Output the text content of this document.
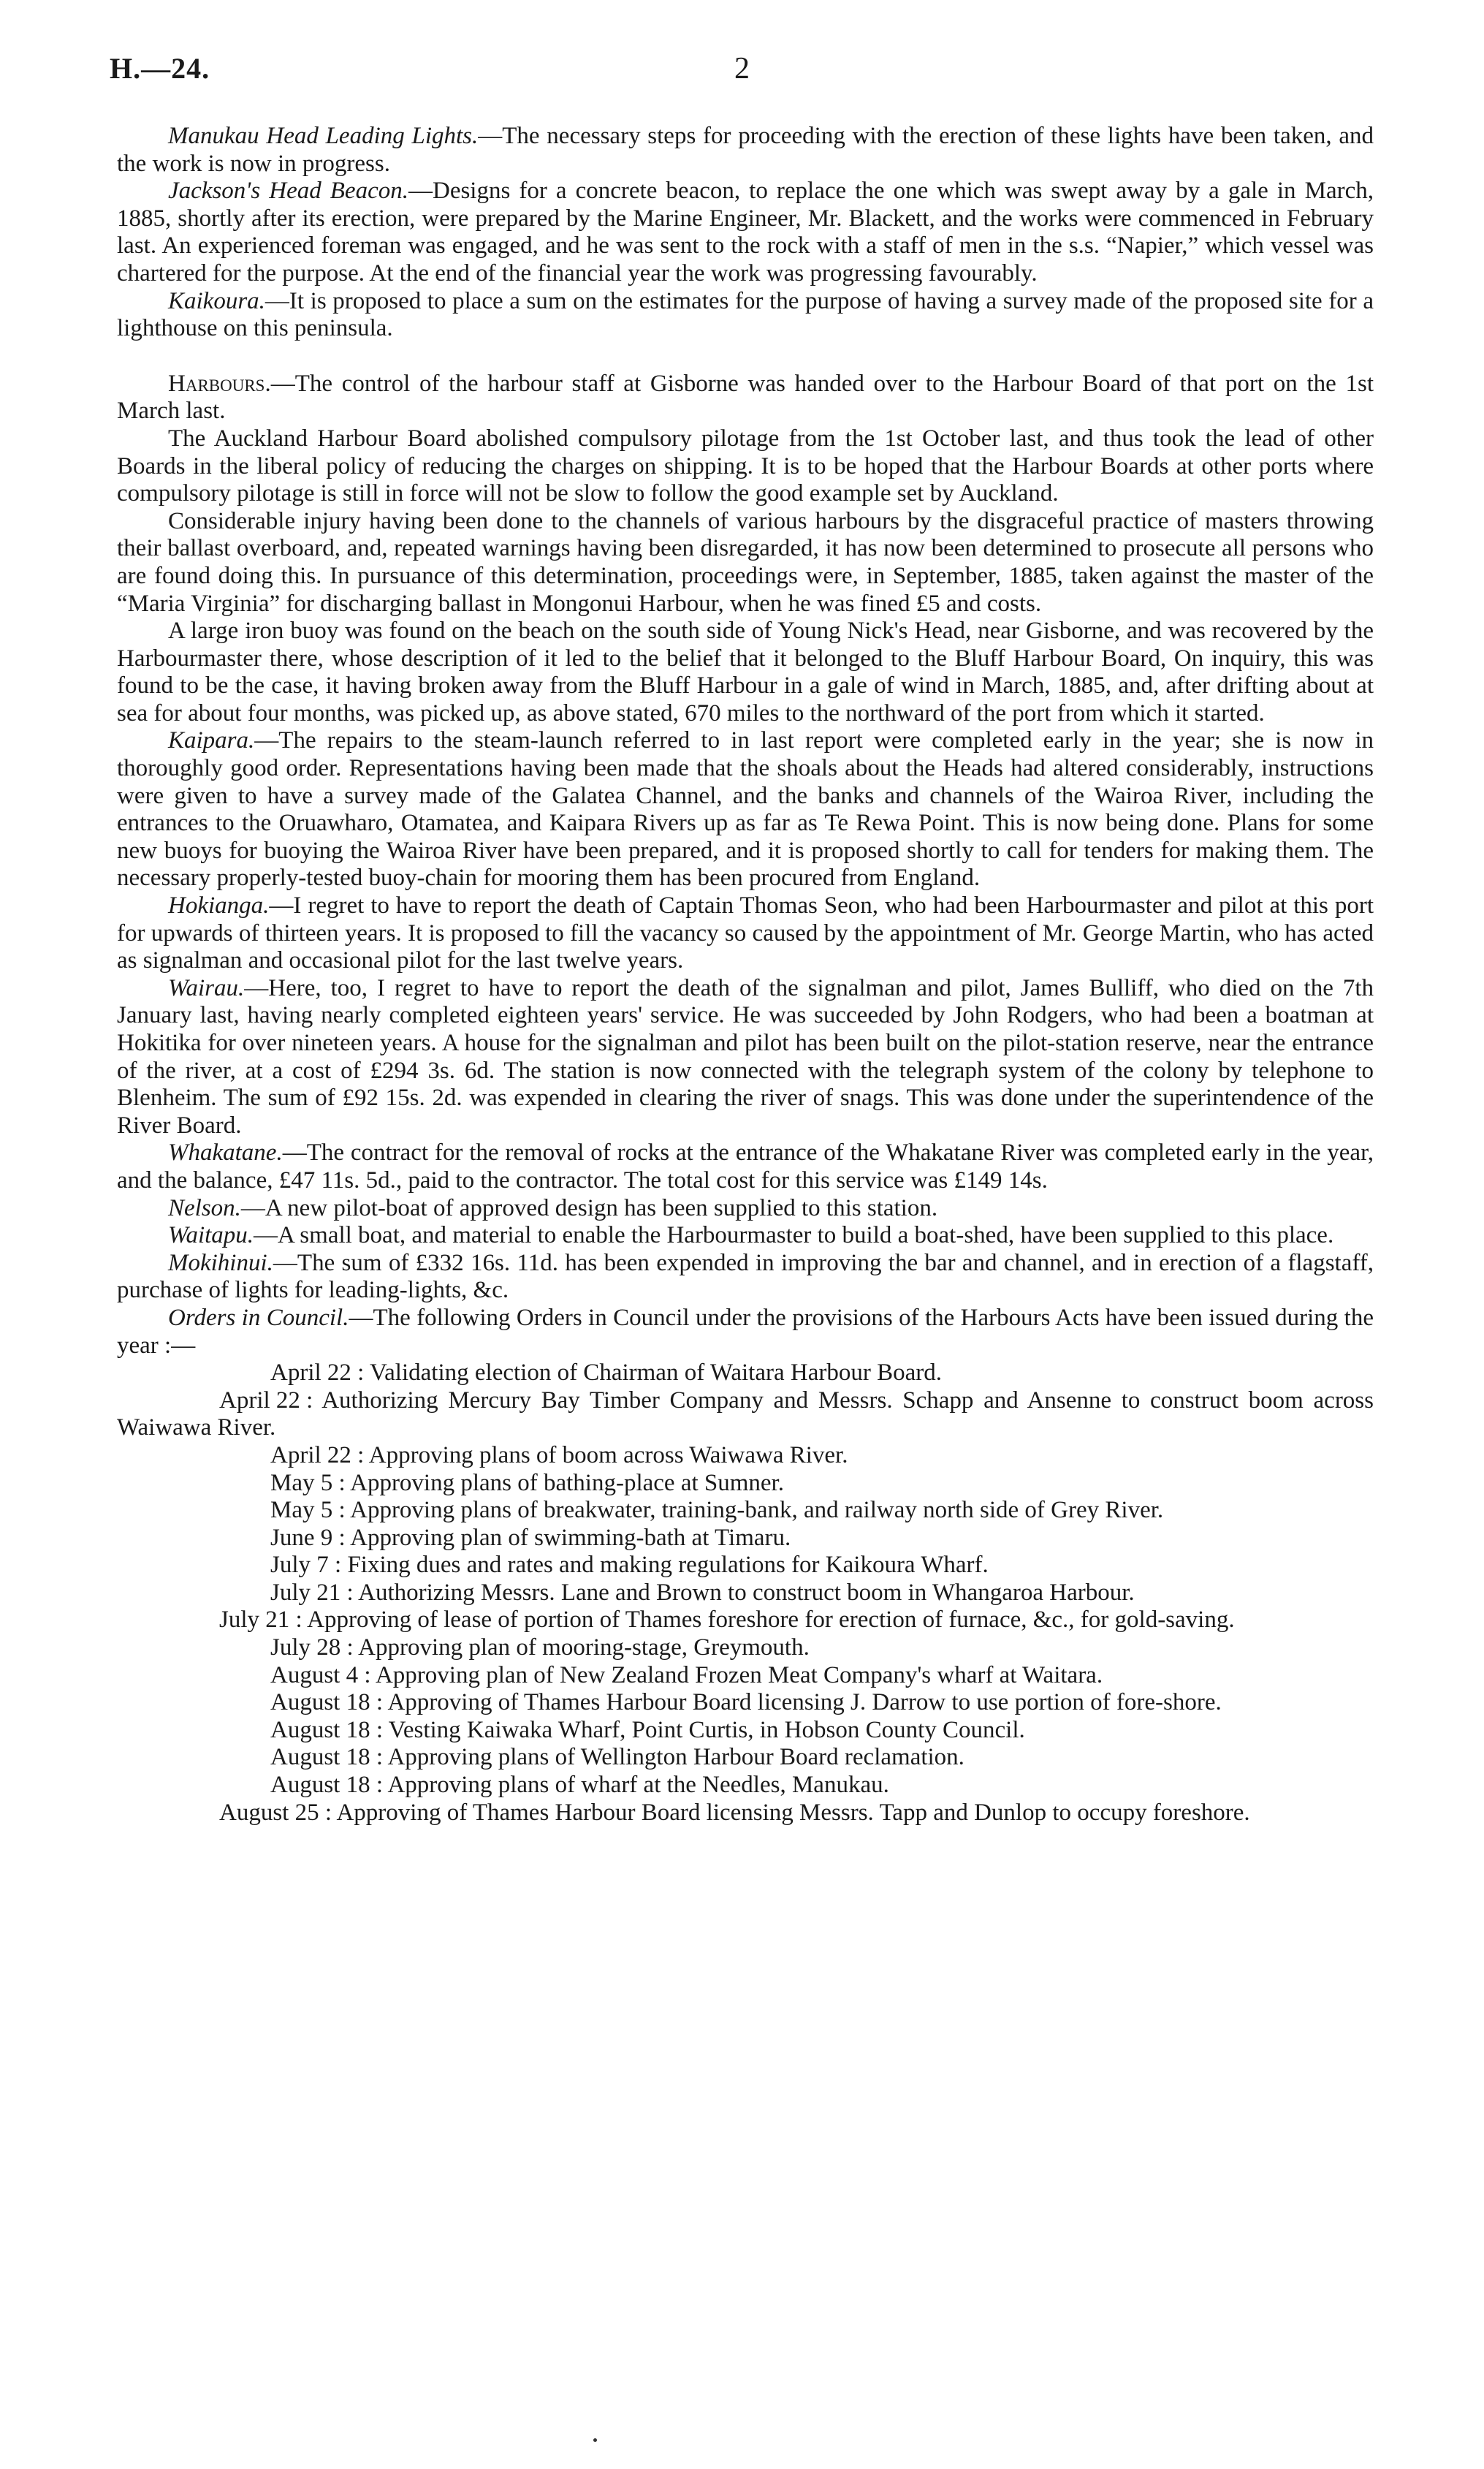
H.—24.	2

Manukau Head Leading Lights.—The necessary steps for proceeding with the erection of these lights have been taken, and the work is now in progress.

Jackson's Head Beacon.—Designs for a concrete beacon, to replace the one which was swept away by a gale in March, 1885, shortly after its erection, were prepared by the Marine Engineer, Mr. Blackett, and the works were commenced in February last. An experienced foreman was engaged, and he was sent to the rock with a staff of men in the s.s. “Napier,” which vessel was chartered for the purpose. At the end of the financial year the work was progressing favourably.

Kaikoura.—It is proposed to place a sum on the estimates for the purpose of having a survey made of the proposed site for a lighthouse on this peninsula.

Harbours.—The control of the harbour staff at Gisborne was handed over to the Harbour Board of that port on the 1st March last.

The Auckland Harbour Board abolished compulsory pilotage from the 1st October last, and thus took the lead of other Boards in the liberal policy of reducing the charges on shipping. It is to be hoped that the Harbour Boards at other ports where compulsory pilotage is still in force will not be slow to follow the good example set by Auckland.

Considerable injury having been done to the channels of various harbours by the disgraceful practice of masters throwing their ballast overboard, and, repeated warnings having been disregarded, it has now been determined to prosecute all persons who are found doing this. In pursuance of this determination, proceedings were, in September, 1885, taken against the master of the “Maria Virginia” for discharging ballast in Mongonui Harbour, when he was fined £5 and costs.

A large iron buoy was found on the beach on the south side of Young Nick's Head, near Gisborne, and was recovered by the Harbourmaster there, whose description of it led to the belief that it belonged to the Bluff Harbour Board, On inquiry, this was found to be the case, it having broken away from the Bluff Harbour in a gale of wind in March, 1885, and, after drifting about at sea for about four months, was picked up, as above stated, 670 miles to the northward of the port from which it started.

Kaipara.—The repairs to the steam-launch referred to in last report were completed early in the year; she is now in thoroughly good order. Representations having been made that the shoals about the Heads had altered considerably, instructions were given to have a survey made of the Galatea Channel, and the banks and channels of the Wairoa River, including the entrances to the Oruawharo, Otamatea, and Kaipara Rivers up as far as Te Rewa Point. This is now being done. Plans for some new buoys for buoying the Wairoa River have been prepared, and it is proposed shortly to call for tenders for making them. The necessary properly-tested buoy-chain for mooring them has been procured from England.

Hokianga.—I regret to have to report the death of Captain Thomas Seon, who had been Harbourmaster and pilot at this port for upwards of thirteen years. It is proposed to fill the vacancy so caused by the appointment of Mr. George Martin, who has acted as signalman and occasional pilot for the last twelve years.

Wairau.—Here, too, I regret to have to report the death of the signalman and pilot, James Bulliff, who died on the 7th January last, having nearly completed eighteen years' service. He was succeeded by John Rodgers, who had been a boatman at Hokitika for over nineteen years. A house for the signalman and pilot has been built on the pilot-station reserve, near the entrance of the river, at a cost of £294 3s. 6d. The station is now connected with the telegraph system of the colony by telephone to Blenheim. The sum of £92 15s. 2d. was expended in clearing the river of snags. This was done under the superintendence of the River Board.

Whakatane.—The contract for the removal of rocks at the entrance of the Whakatane River was completed early in the year, and the balance, £47 11s. 5d., paid to the contractor. The total cost for this service was £149 14s.

Nelson.—A new pilot-boat of approved design has been supplied to this station.

Waitapu.—A small boat, and material to enable the Harbourmaster to build a boat-shed, have been supplied to this place.

Mokihinui.—The sum of £332 16s. 11d. has been expended in improving the bar and channel, and in erection of a flagstaff, purchase of lights for leading-lights, &c.

Orders in Council.—The following Orders in Council under the provisions of the Harbours Acts have been issued during the year :—

April 22 : Validating election of Chairman of Waitara Harbour Board.

April 22 : Authorizing Mercury Bay Timber Company and Messrs. Schapp and Ansenne to construct boom across Waiwawa River.

April 22 : Approving plans of boom across Waiwawa River.

May 5 : Approving plans of bathing-place at Sumner.

May 5 : Approving plans of breakwater, training-bank, and railway north side of Grey River.

June 9 : Approving plan of swimming-bath at Timaru.

July 7 : Fixing dues and rates and making regulations for Kaikoura Wharf.

July 21 : Authorizing Messrs. Lane and Brown to construct boom in Whangaroa Harbour.

July 21 : Approving of lease of portion of Thames foreshore for erection of furnace, &c., for gold-saving.

July 28 : Approving plan of mooring-stage, Greymouth.

August 4 : Approving plan of New Zealand Frozen Meat Company's wharf at Waitara.

August 18 : Approving of Thames Harbour Board licensing J. Darrow to use portion of fore-shore.

August 18 : Vesting Kaiwaka Wharf, Point Curtis, in Hobson County Council.

August 18 : Approving plans of Wellington Harbour Board reclamation.

August 18 : Approving plans of wharf at the Needles, Manukau.

August 25 : Approving of Thames Harbour Board licensing Messrs. Tapp and Dunlop to occupy foreshore.
